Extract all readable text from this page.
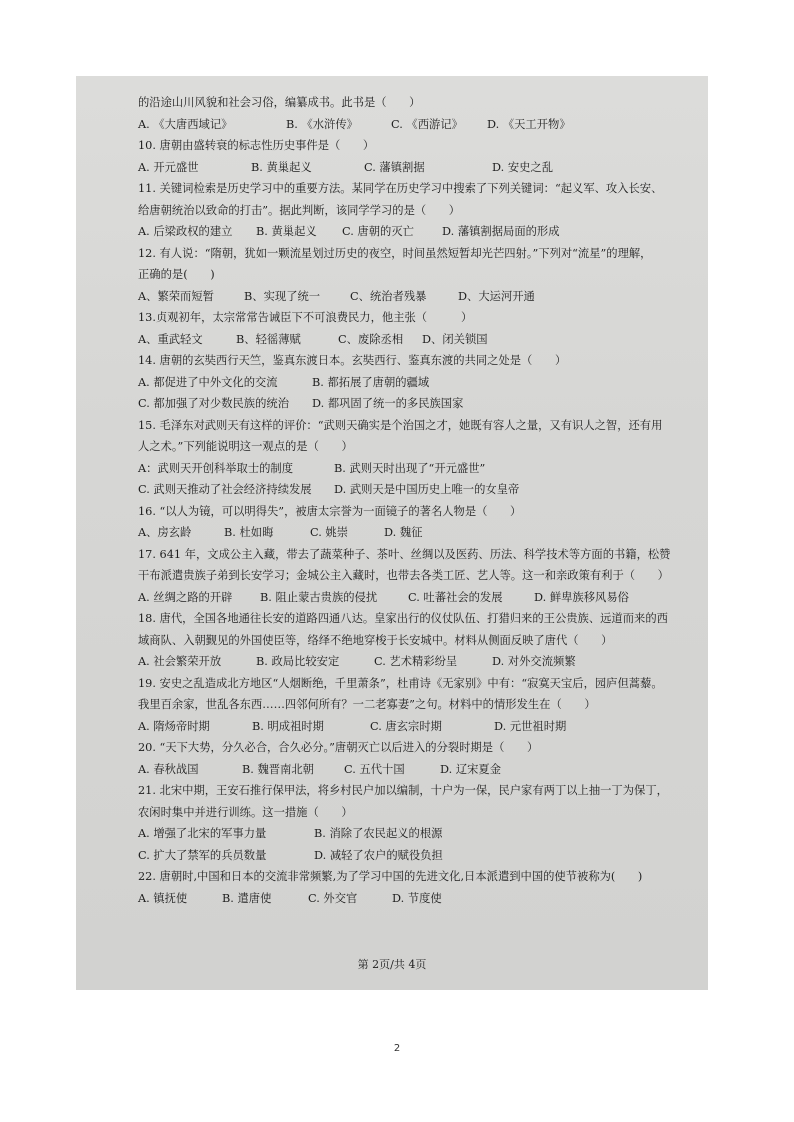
的沿途山川风貌和社会习俗，编纂成书。此书是（　　）
A. 《大唐西域记》	B. 《水浒传》	C. 《西游记》	D. 《天工开物》
10. 唐朝由盛转衰的标志性历史事件是（　　）
A. 开元盛世	B. 黄巢起义	C. 藩镇割据	D. 安史之乱
11. 关键词检索是历史学习中的重要方法。某同学在历史学习中搜索了下列关键词：“起义军、攻入长安、
给唐朝统治以致命的打击”。据此判断，该同学学习的是（　　）
A. 后梁政权的建立	B. 黄巢起义	C. 唐朝的灭亡	D. 藩镇割据局面的形成
12. 有人说：“隋朝，犹如一颗流星划过历史的夜空，时间虽然短暂却光芒四射。”下列对“流星”的理解，
正确的是(　　)
A、繁荣而短暂	B、实现了统一	C、统治者残暴	D、大运河开通
13.贞观初年，太宗常常告诫臣下不可浪费民力，他主张（　　　）
A、重武轻文	B、轻徭薄赋	C、废除丞相	D、闭关锁国
14. 唐朝的玄奘西行天竺，鉴真东渡日本。玄奘西行、鉴真东渡的共同之处是（　　）
A. 都促进了中外文化的交流	B. 都拓展了唐朝的疆域
C. 都加强了对少数民族的统治	D. 都巩固了统一的多民族国家
15. 毛泽东对武则天有这样的评价：“武则天确实是个治国之才，她既有容人之量，又有识人之智，还有用
人之术。”下列能说明这一观点的是（　　）
A：武则天开创科举取士的制度	B. 武则天时出现了“开元盛世”
C. 武则天推动了社会经济持续发展	D. 武则天是中国历史上唯一的女皇帝
16. “以人为镜，可以明得失”，被唐太宗誉为一面镜子的著名人物是（　　）
A、房玄龄	B. 杜如晦	C. 姚崇	D. 魏征
17. 641 年，文成公主入藏，带去了蔬菜种子、茶叶、丝绸以及医药、历法、科学技术等方面的书籍，松赞
干布派遣贵族子弟到长安学习；金城公主入藏时，也带去各类工匠、艺人等。这一和亲政策有利于（　　）
A. 丝绸之路的开辟	B. 阻止蒙古贵族的侵扰	C. 吐蕃社会的发展	D. 鲜卑族移风易俗
18. 唐代，全国各地通往长安的道路四通八达。皇家出行的仪仗队伍、打猎归来的王公贵族、远道而来的西
域商队、入朝觐见的外国使臣等，络绎不绝地穿梭于长安城中。材料从侧面反映了唐代（　　）
A. 社会繁荣开放	B. 政局比较安定	C. 艺术精彩纷呈	D. 对外交流频繁
19. 安史之乱造成北方地区“人烟断绝，千里萧条”，杜甫诗《无家别》中有：“寂寞天宝后，园庐但蒿藜。
我里百余家，世乱各东西……四邻何所有？一二老寡妻”之句。材料中的情形发生在（　　）
A. 隋炀帝时期	B. 明成祖时期	C. 唐玄宗时期	D. 元世祖时期
20. “天下大势，分久必合，合久必分。”唐朝灭亡以后进入的分裂时期是（　　）
A. 春秋战国	B. 魏晋南北朝	C. 五代十国	D. 辽宋夏金
21. 北宋中期，王安石推行保甲法，将乡村民户加以编制，十户为一保，民户家有两丁以上抽一丁为保丁，
农闲时集中并进行训练。这一措施（　　）
A. 增强了北宋的军事力量	B. 消除了农民起义的根源
C. 扩大了禁军的兵员数量	D. 减轻了农户的赋役负担
22. 唐朝时,中国和日本的交流非常频繁,为了学习中国的先进文化,日本派遣到中国的使节被称为(　　)
A. 镇抚使	B. 遣唐使	C. 外交官	D. 节度使
第 2页/共 4页
2
